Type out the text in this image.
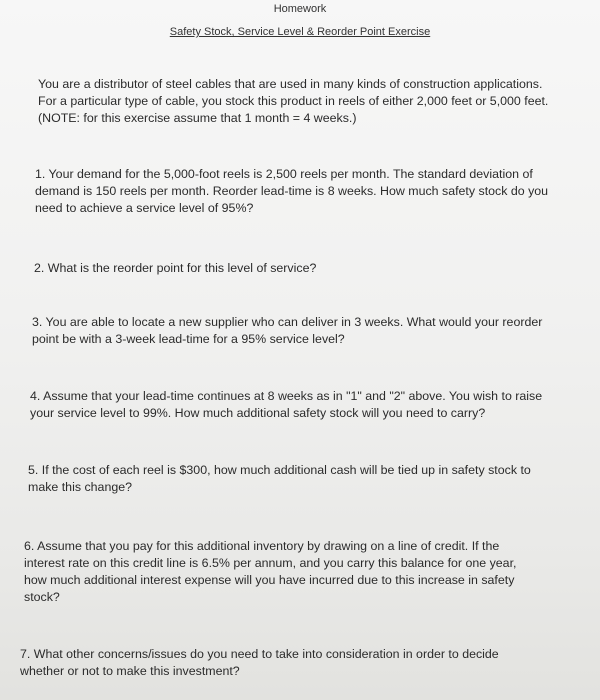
Homework
Safety Stock, Service Level & Reorder Point Exercise

You are a distributor of steel cables that are used in many kinds of construction applications.
For a particular type of cable, you stock this product in reels of either 2,000 feet or 5,000 feet.
(NOTE: for this exercise assume that 1 month = 4 weeks.)

1. Your demand for the 5,000-foot reels is 2,500 reels per month. The standard deviation of
demand is 150 reels per month. Reorder lead-time is 8 weeks. How much safety stock do you
need to achieve a service level of 95%?

2. What is the reorder point for this level of service?

3. You are able to locate a new supplier who can deliver in 3 weeks. What would your reorder
point be with a 3-week lead-time for a 95% service level?

4. Assume that your lead-time continues at 8 weeks as in "1" and "2" above. You wish to raise
your service level to 99%. How much additional safety stock will you need to carry?

5. If the cost of each reel is $300, how much additional cash will be tied up in safety stock to
make this change?

6. Assume that you pay for this additional inventory by drawing on a line of credit. If the
interest rate on this credit line is 6.5% per annum, and you carry this balance for one year,
how much additional interest expense will you have incurred due to this increase in safety
stock?

7. What other concerns/issues do you need to take into consideration in order to decide
whether or not to make this investment?
